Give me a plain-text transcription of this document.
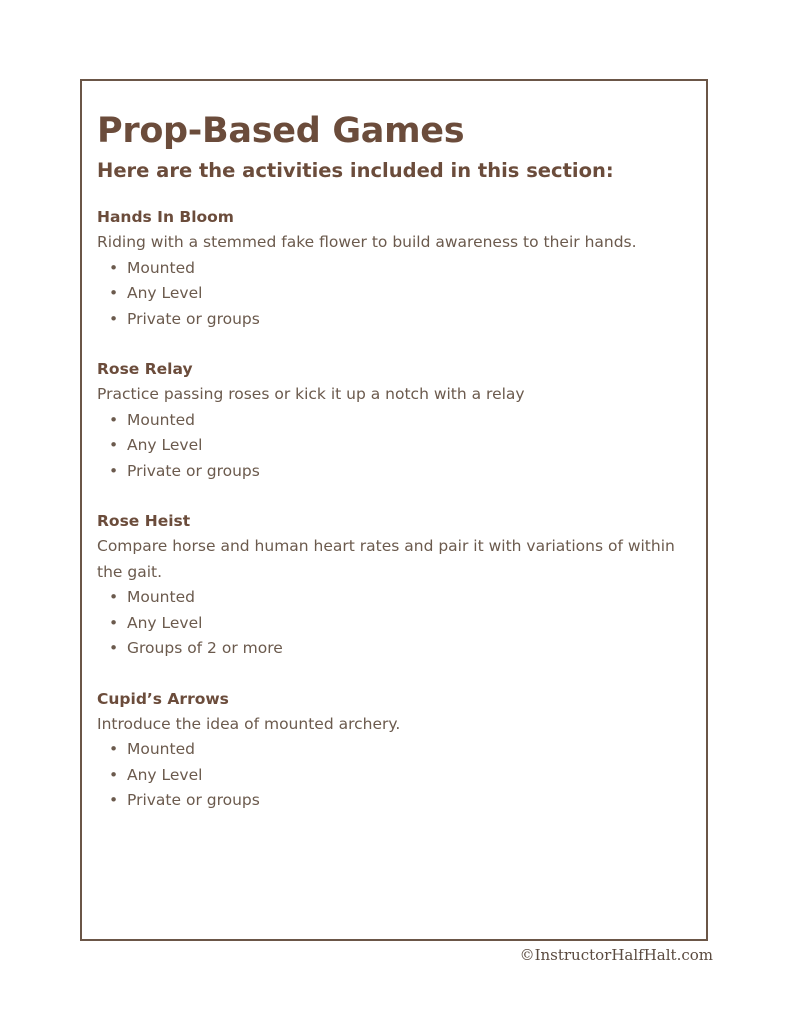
Prop-Based Games
Here are the activities included in this section:
Hands In Bloom
Riding with a stemmed fake flower to build awareness to their hands.
• Mounted
• Any Level
• Private or groups
Rose Relay
Practice passing roses or kick it up a notch with a relay
• Mounted
• Any Level
• Private or groups
Rose Heist
Compare horse and human heart rates and pair it with variations of within the gait.
• Mounted
• Any Level
• Groups of 2 or more
Cupid’s Arrows
Introduce the idea of mounted archery.
• Mounted
• Any Level
• Private or groups
©InstructorHalfHalt.com
